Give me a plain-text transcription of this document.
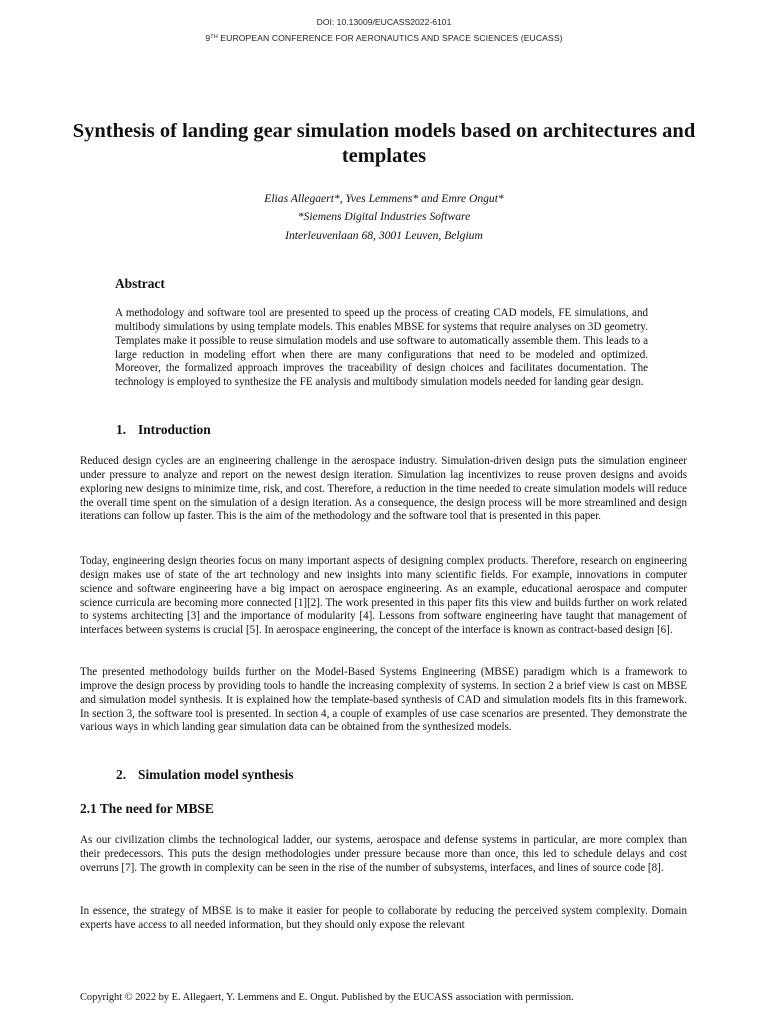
DOI: 10.13009/EUCASS2022-6101
9TH EUROPEAN CONFERENCE FOR AERONAUTICS AND SPACE SCIENCES (EUCASS)
Synthesis of landing gear simulation models based on architectures and templates
Elias Allegaert*, Yves Lemmens* and Emre Ongut*
*Siemens Digital Industries Software
Interleuvenlaan 68, 3001 Leuven, Belgium
Abstract
A methodology and software tool are presented to speed up the process of creating CAD models, FE simulations, and multibody simulations by using template models. This enables MBSE for systems that require analyses on 3D geometry. Templates make it possible to reuse simulation models and use software to automatically assemble them. This leads to a large reduction in modeling effort when there are many configurations that need to be modeled and optimized. Moreover, the formalized approach improves the traceability of design choices and facilitates documentation. The technology is employed to synthesize the FE analysis and multibody simulation models needed for landing gear design.
1. Introduction
Reduced design cycles are an engineering challenge in the aerospace industry. Simulation-driven design puts the simulation engineer under pressure to analyze and report on the newest design iteration. Simulation lag incentivizes to reuse proven designs and avoids exploring new designs to minimize time, risk, and cost. Therefore, a reduction in the time needed to create simulation models will reduce the overall time spent on the simulation of a design iteration. As a consequence, the design process will be more streamlined and design iterations can follow up faster. This is the aim of the methodology and the software tool that is presented in this paper.
Today, engineering design theories focus on many important aspects of designing complex products. Therefore, research on engineering design makes use of state of the art technology and new insights into many scientific fields. For example, innovations in computer science and software engineering have a big impact on aerospace engineering. As an example, educational aerospace and computer science curricula are becoming more connected [1][2]. The work presented in this paper fits this view and builds further on work related to systems architecting [3] and the importance of modularity [4]. Lessons from software engineering have taught that management of interfaces between systems is crucial [5]. In aerospace engineering, the concept of the interface is known as contract-based design [6].
The presented methodology builds further on the Model-Based Systems Engineering (MBSE) paradigm which is a framework to improve the design process by providing tools to handle the increasing complexity of systems. In section 2 a brief view is cast on MBSE and simulation model synthesis. It is explained how the template-based synthesis of CAD and simulation models fits in this framework. In section 3, the software tool is presented. In section 4, a couple of examples of use case scenarios are presented. They demonstrate the various ways in which landing gear simulation data can be obtained from the synthesized models.
2. Simulation model synthesis
2.1 The need for MBSE
As our civilization climbs the technological ladder, our systems, aerospace and defense systems in particular, are more complex than their predecessors. This puts the design methodologies under pressure because more than once, this led to schedule delays and cost overruns [7]. The growth in complexity can be seen in the rise of the number of subsystems, interfaces, and lines of source code [8].
In essence, the strategy of MBSE is to make it easier for people to collaborate by reducing the perceived system complexity. Domain experts have access to all needed information, but they should only expose the relevant
Copyright © 2022 by E. Allegaert, Y. Lemmens and E. Ongut. Published by the EUCASS association with permission.
